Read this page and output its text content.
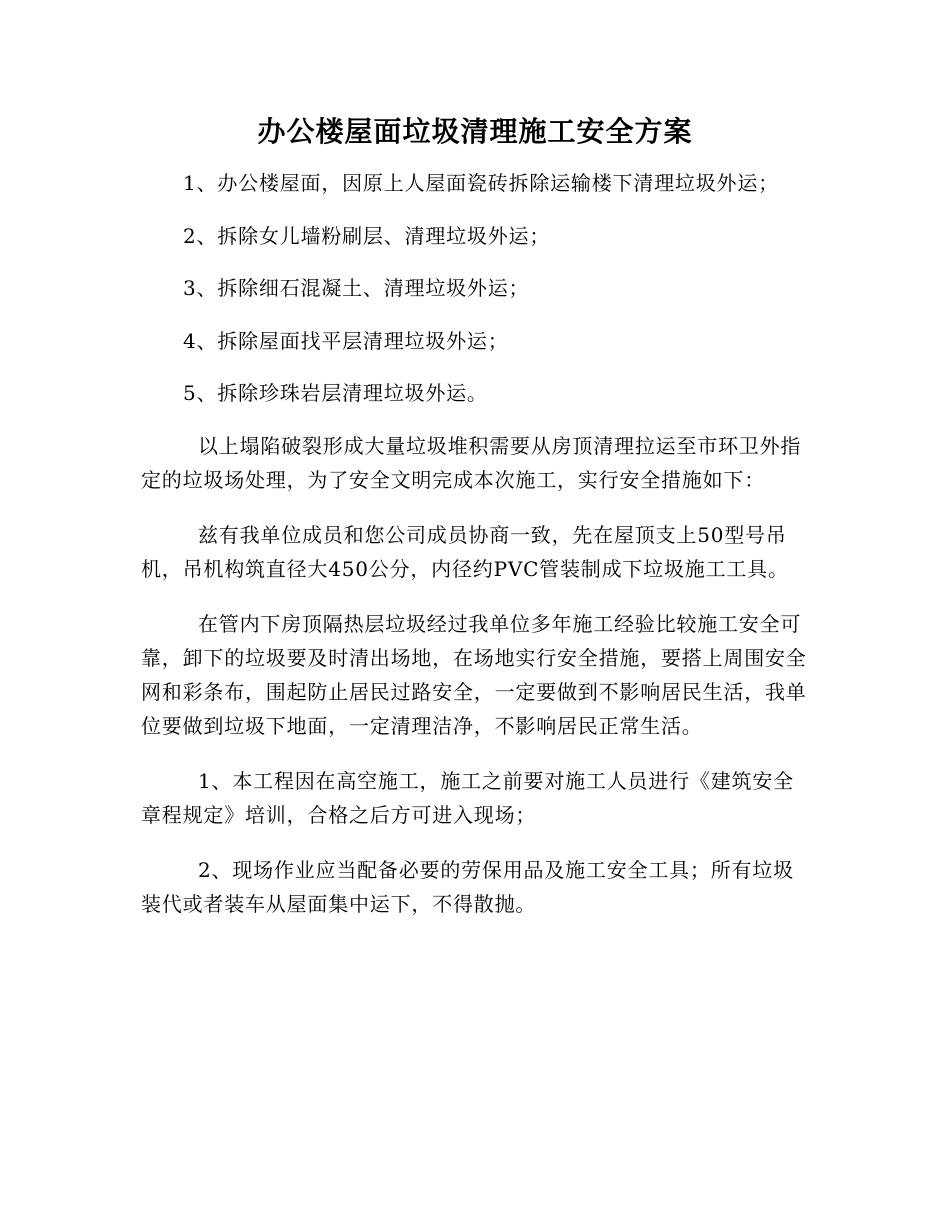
办公楼屋面垃圾清理施工安全方案

1、办公楼屋面，因原上人屋面瓷砖拆除运输楼下清理垃圾外运；

2、拆除女儿墙粉刷层、清理垃圾外运；

3、拆除细石混凝土、清理垃圾外运；

4、拆除屋面找平层清理垃圾外运；

5、拆除珍珠岩层清理垃圾外运。

以上塌陷破裂形成大量垃圾堆积需要从房顶清理拉运至市环卫外指定的垃圾场处理，为了安全文明完成本次施工，实行安全措施如下：

兹有我单位成员和您公司成员协商一致，先在屋顶支上50型号吊机，吊机构筑直径大450公分，内径约PVC管装制成下垃圾施工工具。

在管内下房顶隔热层垃圾经过我单位多年施工经验比较施工安全可靠，卸下的垃圾要及时清出场地，在场地实行安全措施，要搭上周围安全网和彩条布，围起防止居民过路安全，一定要做到不影响居民生活，我单位要做到垃圾下地面，一定清理洁净，不影响居民正常生活。

1、本工程因在高空施工，施工之前要对施工人员进行《建筑安全章程规定》培训，合格之后方可进入现场；

2、现场作业应当配备必要的劳保用品及施工安全工具；所有垃圾装代或者装车从屋面集中运下，不得散抛。
